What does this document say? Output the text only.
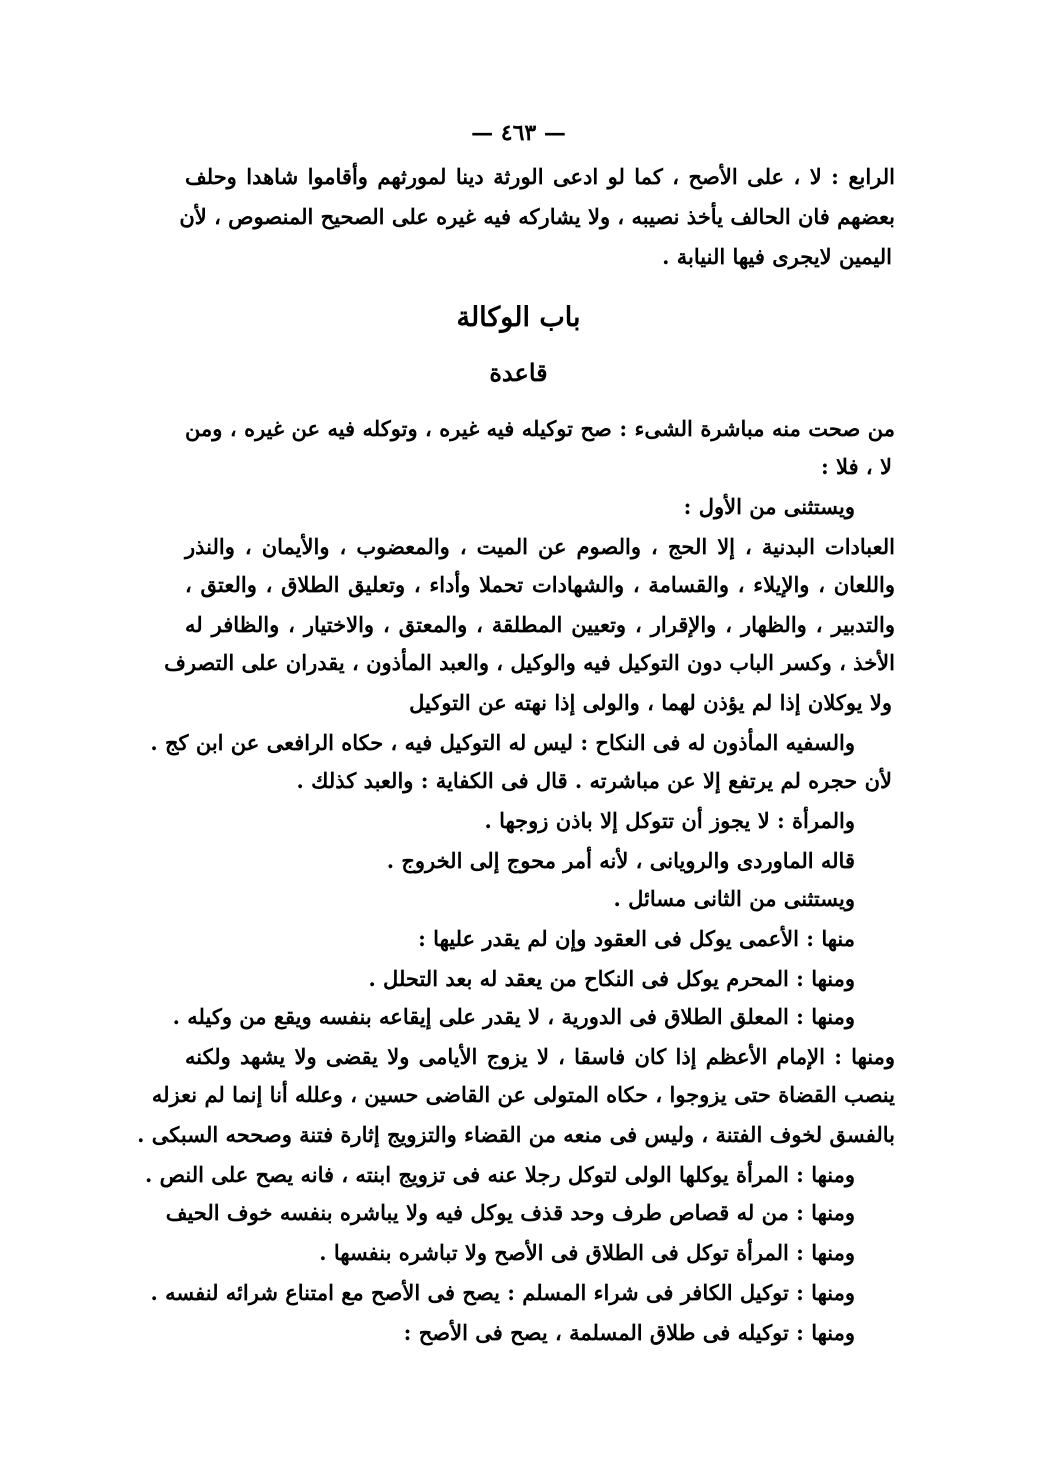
— ٤٦٣ —
الرابع : لا ، على الأصح ، كما لو ادعى الورثة دينا لمورثهم وأقاموا شاهدا وحلف
بعضهم فان الحالف يأخذ نصيبه ، ولا يشاركه فيه غيره على الصحيح المنصوص ، لأن
اليمين لايجرى فيها النيابة .
باب الوكالة
قاعدة
من صحت منه مباشرة الشىء : صح توكيله فيه غيره ، وتوكله فيه عن غيره ، ومن
لا ، فلا :
ويستثنى من الأول :
العبادات البدنية ، إلا الحج ، والصوم عن الميت ، والمعضوب ، والأيمان ، والنذر
واللعان ، والإيلاء ، والقسامة ، والشهادات تحملا وأداء ، وتعليق الطلاق ، والعتق ،
والتدبير ، والظهار ، والإقرار ، وتعيين المطلقة ، والمعتق ، والاختيار ، والظافر له
الأخذ ، وكسر الباب دون التوكيل فيه والوكيل ، والعبد المأذون ، يقدران على التصرف
ولا يوكلان إذا لم يؤذن لهما ، والولى إذا نهته عن التوكيل
والسفيه المأذون له فى النكاح : ليس له التوكيل فيه ، حكاه الرافعى عن ابن كج .
لأن حجره لم يرتفع إلا عن مباشرته . قال فى الكفاية : والعبد كذلك .
والمرأة : لا يجوز أن تتوكل إلا باذن زوجها .
قاله الماوردى والرويانى ، لأنه أمر محوج إلى الخروج .
ويستثنى من الثانى مسائل .
منها : الأعمى يوكل فى العقود وإن لم يقدر عليها :
ومنها : المحرم يوكل فى النكاح من يعقد له بعد التحلل .
ومنها : المعلق الطلاق فى الدورية ، لا يقدر على إيقاعه بنفسه ويقع من وكيله .
ومنها : الإمام الأعظم إذا كان فاسقا ، لا يزوج الأيامى ولا يقضى ولا يشهد ولكنه
ينصب القضاة حتى يزوجوا ، حكاه المتولى عن القاضى حسين ، وعلله أنا إنما لم نعزله
بالفسق لخوف الفتنة ، وليس فى منعه من القضاء والتزويج إثارة فتنة وصححه السبكى .
ومنها : المرأة يوكلها الولى لتوكل رجلا عنه فى تزويج ابنته ، فانه يصح على النص .
ومنها : من له قصاص طرف وحد قذف يوكل فيه ولا يباشره بنفسه خوف الحيف
ومنها : المرأة توكل فى الطلاق فى الأصح ولا تباشره بنفسها .
ومنها : توكيل الكافر فى شراء المسلم : يصح فى الأصح مع امتناع شرائه لنفسه .
ومنها : توكيله فى طلاق المسلمة ، يصح فى الأصح :
